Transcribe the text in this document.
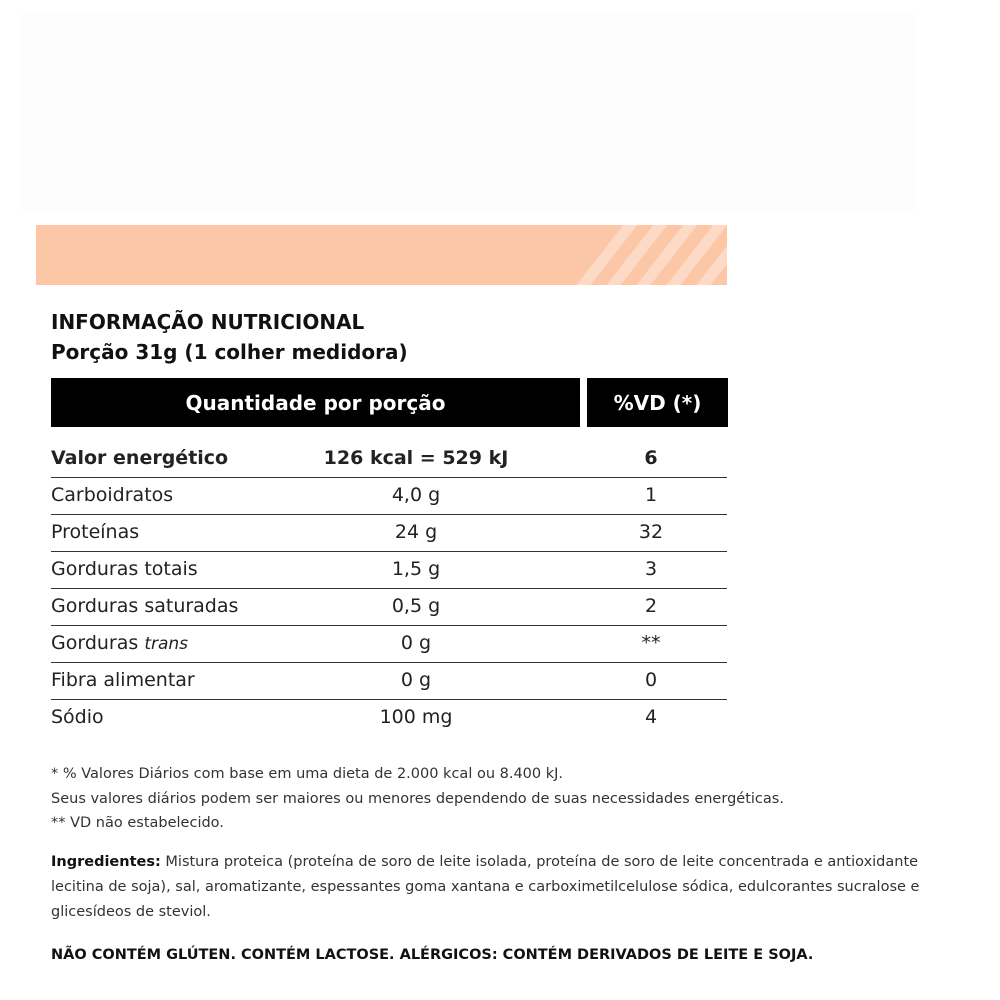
INFORMAÇÃO NUTRICIONAL
Porção 31g (1 colher medidora)
Quantidade por porção	%VD (*)
Valor energético	126 kcal = 529 kJ	6
Carboidratos	4,0 g	1
Proteínas	24 g	32
Gorduras totais	1,5 g	3
Gorduras saturadas	0,5 g	2
Gorduras trans	0 g	**
Fibra alimentar	0 g	0
Sódio	100 mg	4
* % Valores Diários com base em uma dieta de 2.000 kcal ou 8.400 kJ.
Seus valores diários podem ser maiores ou menores dependendo de suas necessidades energéticas.
** VD não estabelecido.
Ingredientes: Mistura proteica (proteína de soro de leite isolada, proteína de soro de leite concentrada e antioxidante lecitina de soja), sal, aromatizante, espessantes goma xantana e carboximetilcelulose sódica, edulcorantes sucralose e glicesídeos de steviol.
NÃO CONTÉM GLÚTEN. CONTÉM LACTOSE. ALÉRGICOS: CONTÉM DERIVADOS DE LEITE E SOJA.
